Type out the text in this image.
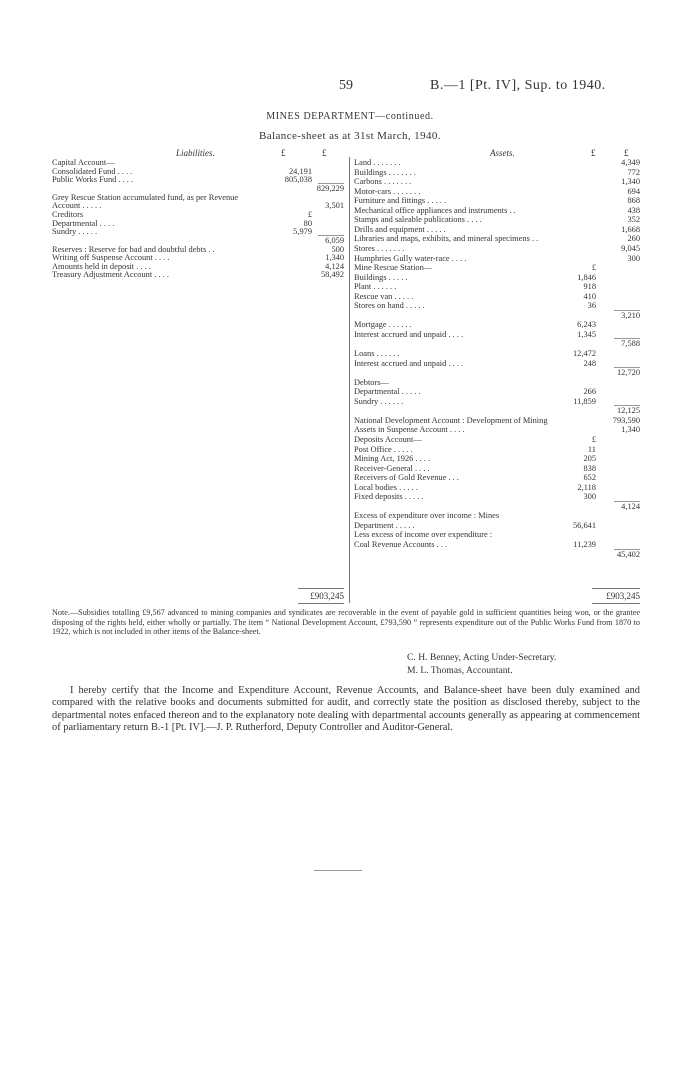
59	B.—1 [Pt. IV], Sup. to 1940.
MINES DEPARTMENT—continued.
Balance-sheet as at 31st March, 1940.
Liabilities.	£	£
Capital Account—
Consolidated Fund . . . .	24,191
Public Works Fund . . . .	805,038
829,229
Grey Rescue Station accumulated fund, as per Revenue
Account . . . . .	3,501
Creditors	£
Departmental . . . .	80
Sundry . . . . .	5,979
6,059
Reserves : Reserve for bad and doubtful debts . .	500
Writing off Suspense Account . . . .	1,340
Amounts held in deposit . . . .	4,124
Treasury Adjustment Account . . . .	58,492
£903,245
Assets.	£	£
Land . . . . . . .	4,349
Buildings . . . . . . .	772
Carbons . . . . . . .	1,340
Motor-cars . . . . . . .	694
Furniture and fittings . . . . .	868
Mechanical office appliances and instruments . .	438
Stamps and saleable publications . . . .	352
Drills and equipment . . . . .	1,668
Libraries and maps, exhibits, and mineral specimens . .	260
Stores . . . . . . .	9,045
Humphries Gully water-race . . . .	300
Mine Rescue Station—	£
Buildings . . . . .	1,846
Plant . . . . . .	918
Rescue van . . . . .	410
Stores on hand . . . . .	36
3,210
Mortgage . . . . . .	6,243
Interest accrued and unpaid . . . .	1,345
7,588
Loans . . . . . .	12,472
Interest accrued and unpaid . . . .	248
12,720
Debtors—
Departmental . . . . .	266
Sundry . . . . . .	11,859
12,125
National Development Account : Development of Mining	793,590
Assets in Suspense Account . . . .	1,340
Deposits Account—	£
Post Office . . . . .	11
Mining Act, 1926 . . . .	205
Receiver-General . . . .	838
Receivers of Gold Revenue . . .	652
Local bodies . . . . .	2,118
Fixed deposits . . . . .	300
4,124
Excess of expenditure over income : Mines
Department . . . . .	56,641
Less excess of income over expenditure :
Coal Revenue Accounts . . .	11,239
45,402
£903,245
Note.—Subsidies totalling £9,567 advanced to mining companies and syndicates are recoverable in the event of payable gold in sufficient quantities being won, or the grantee disposing of the rights held, either wholly or partially. The item “ National Development Account, £793,590 ” represents expenditure out of the Public Works Fund from 1870 to 1922, which is not included in other items of the Balance-sheet.
C. H. Benney, Acting Under-Secretary.
M. L. Thomas, Accountant.
I hereby certify that the Income and Expenditure Account, Revenue Accounts, and Balance-sheet have been duly examined and compared with the relative books and documents submitted for audit, and correctly state the position as disclosed thereby, subject to the departmental notes enfaced thereon and to the explanatory note dealing with departmental accounts generally as appearing at commencement of parliamentary return B.-1 [Pt. IV].—J. P. Rutherford, Deputy Controller and Auditor-General.
